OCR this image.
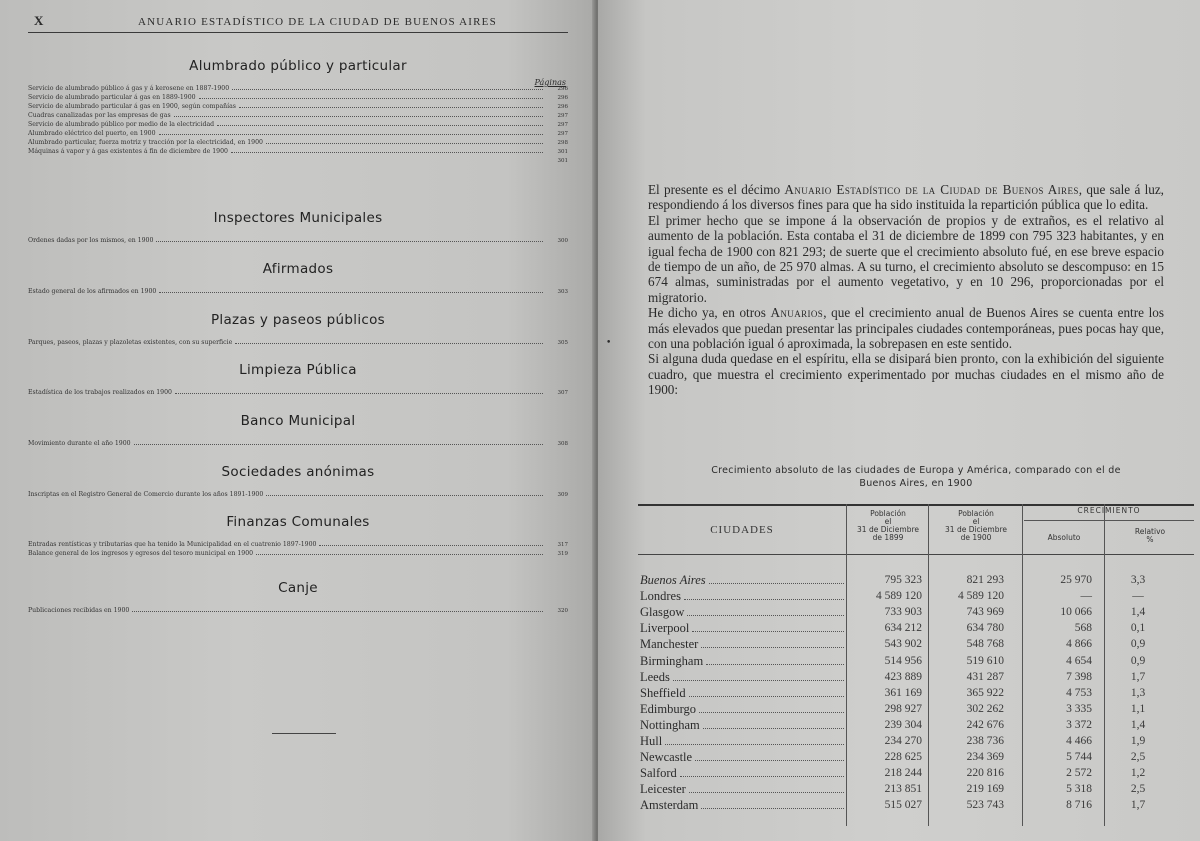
X	ANUARIO ESTADÍSTICO DE LA CIUDAD DE BUENOS AIRES
Alumbrado público y particular
Páginas
Servicio de alumbrado público á gas y á kerosene en 1887-1900	296
Servicio de alumbrado particular á gas en 1889-1900	296
Servicio de alumbrado particular á gas en 1900, según compañías	296
Cuadras canalizadas por las empresas de gas	297
Servicio de alumbrado público por medio de la electricidad	297
Alumbrado eléctrico del puerto, en 1900	297
Alumbrado particular, fuerza motriz y tracción por la electricidad, en 1900	298
Máquinas á vapor y á gas existentes á fin de diciembre de 1900	301
301
Inspectores Municipales
Ordenes dadas por los mismos, en 1900	300
Afirmados
Estado general de los afirmados en 1900	303
Plazas y paseos públicos
Parques, paseos, plazas y plazoletas existentes, con su superficie	305
Limpieza Pública
Estadística de los trabajos realizados en 1900	307
Banco Municipal
Movimiento durante el año 1900	308
Sociedades anónimas
Inscriptas en el Registro General de Comercio durante los años 1891-1900	309
Finanzas Comunales
Entradas rentísticas y tributarias que ha tenido la Municipalidad en el cuatrenio 1897-1900	317
Balance general de los ingresos y egresos del tesoro municipal en 1900	319
Canje
Publicaciones recibidas en 1900	320

El presente es el décimo Anuario Estadístico de la Ciudad de Buenos Aires, que sale á luz, respondiendo á los diversos fines para que ha sido instituida la repartición pública que lo edita.

El primer hecho que se impone á la observación de propios y de extraños, es el relativo al aumento de la población. Esta contaba el 31 de diciembre de 1899 con 795 323 habitantes, y en igual fecha de 1900 con 821 293; de suerte que el crecimiento absoluto fué, en ese breve espacio de tiempo de un año, de 25 970 almas. A su turno, el crecimiento absoluto se descompuso: en 15 674 almas, suministradas por el aumento vegetativo, y en 10 296, proporcionadas por el migratorio.

He dicho ya, en otros Anuarios, que el crecimiento anual de Buenos Aires se cuenta entre los más elevados que puedan presentar las principales ciudades contemporáneas, pues pocas hay que, con una población igual ó aproximada, la sobrepasen en este sentido.

Si alguna duda quedase en el espíritu, ella se disipará bien pronto, con la exhibición del siguiente cuadro, que muestra el crecimiento experimentado por muchas ciudades en el mismo año de 1900:

•
Crecimiento absoluto de las ciudades de Europa y América, comparado con el de
Buenos Aires, en 1900
CIUDADES
Población
el
31 de Diciembre
de 1899
Población
el
31 de Diciembre
de 1900
CRECIMIENTO
Absoluto
Relativo
%
Buenos Aires	795 323	821 293	25 970	3,3
Londres	4 589 120	4 589 120	—	—
Glasgow	733 903	743 969	10 066	1,4
Liverpool	634 212	634 780	568	0,1
Manchester	543 902	548 768	4 866	0,9
Birmingham	514 956	519 610	4 654	0,9
Leeds	423 889	431 287	7 398	1,7
Sheffield	361 169	365 922	4 753	1,3
Edimburgo	298 927	302 262	3 335	1,1
Nottingham	239 304	242 676	3 372	1,4
Hull	234 270	238 736	4 466	1,9
Newcastle	228 625	234 369	5 744	2,5
Salford	218 244	220 816	2 572	1,2
Leicester	213 851	219 169	5 318	2,5
Amsterdam	515 027	523 743	8 716	1,7
